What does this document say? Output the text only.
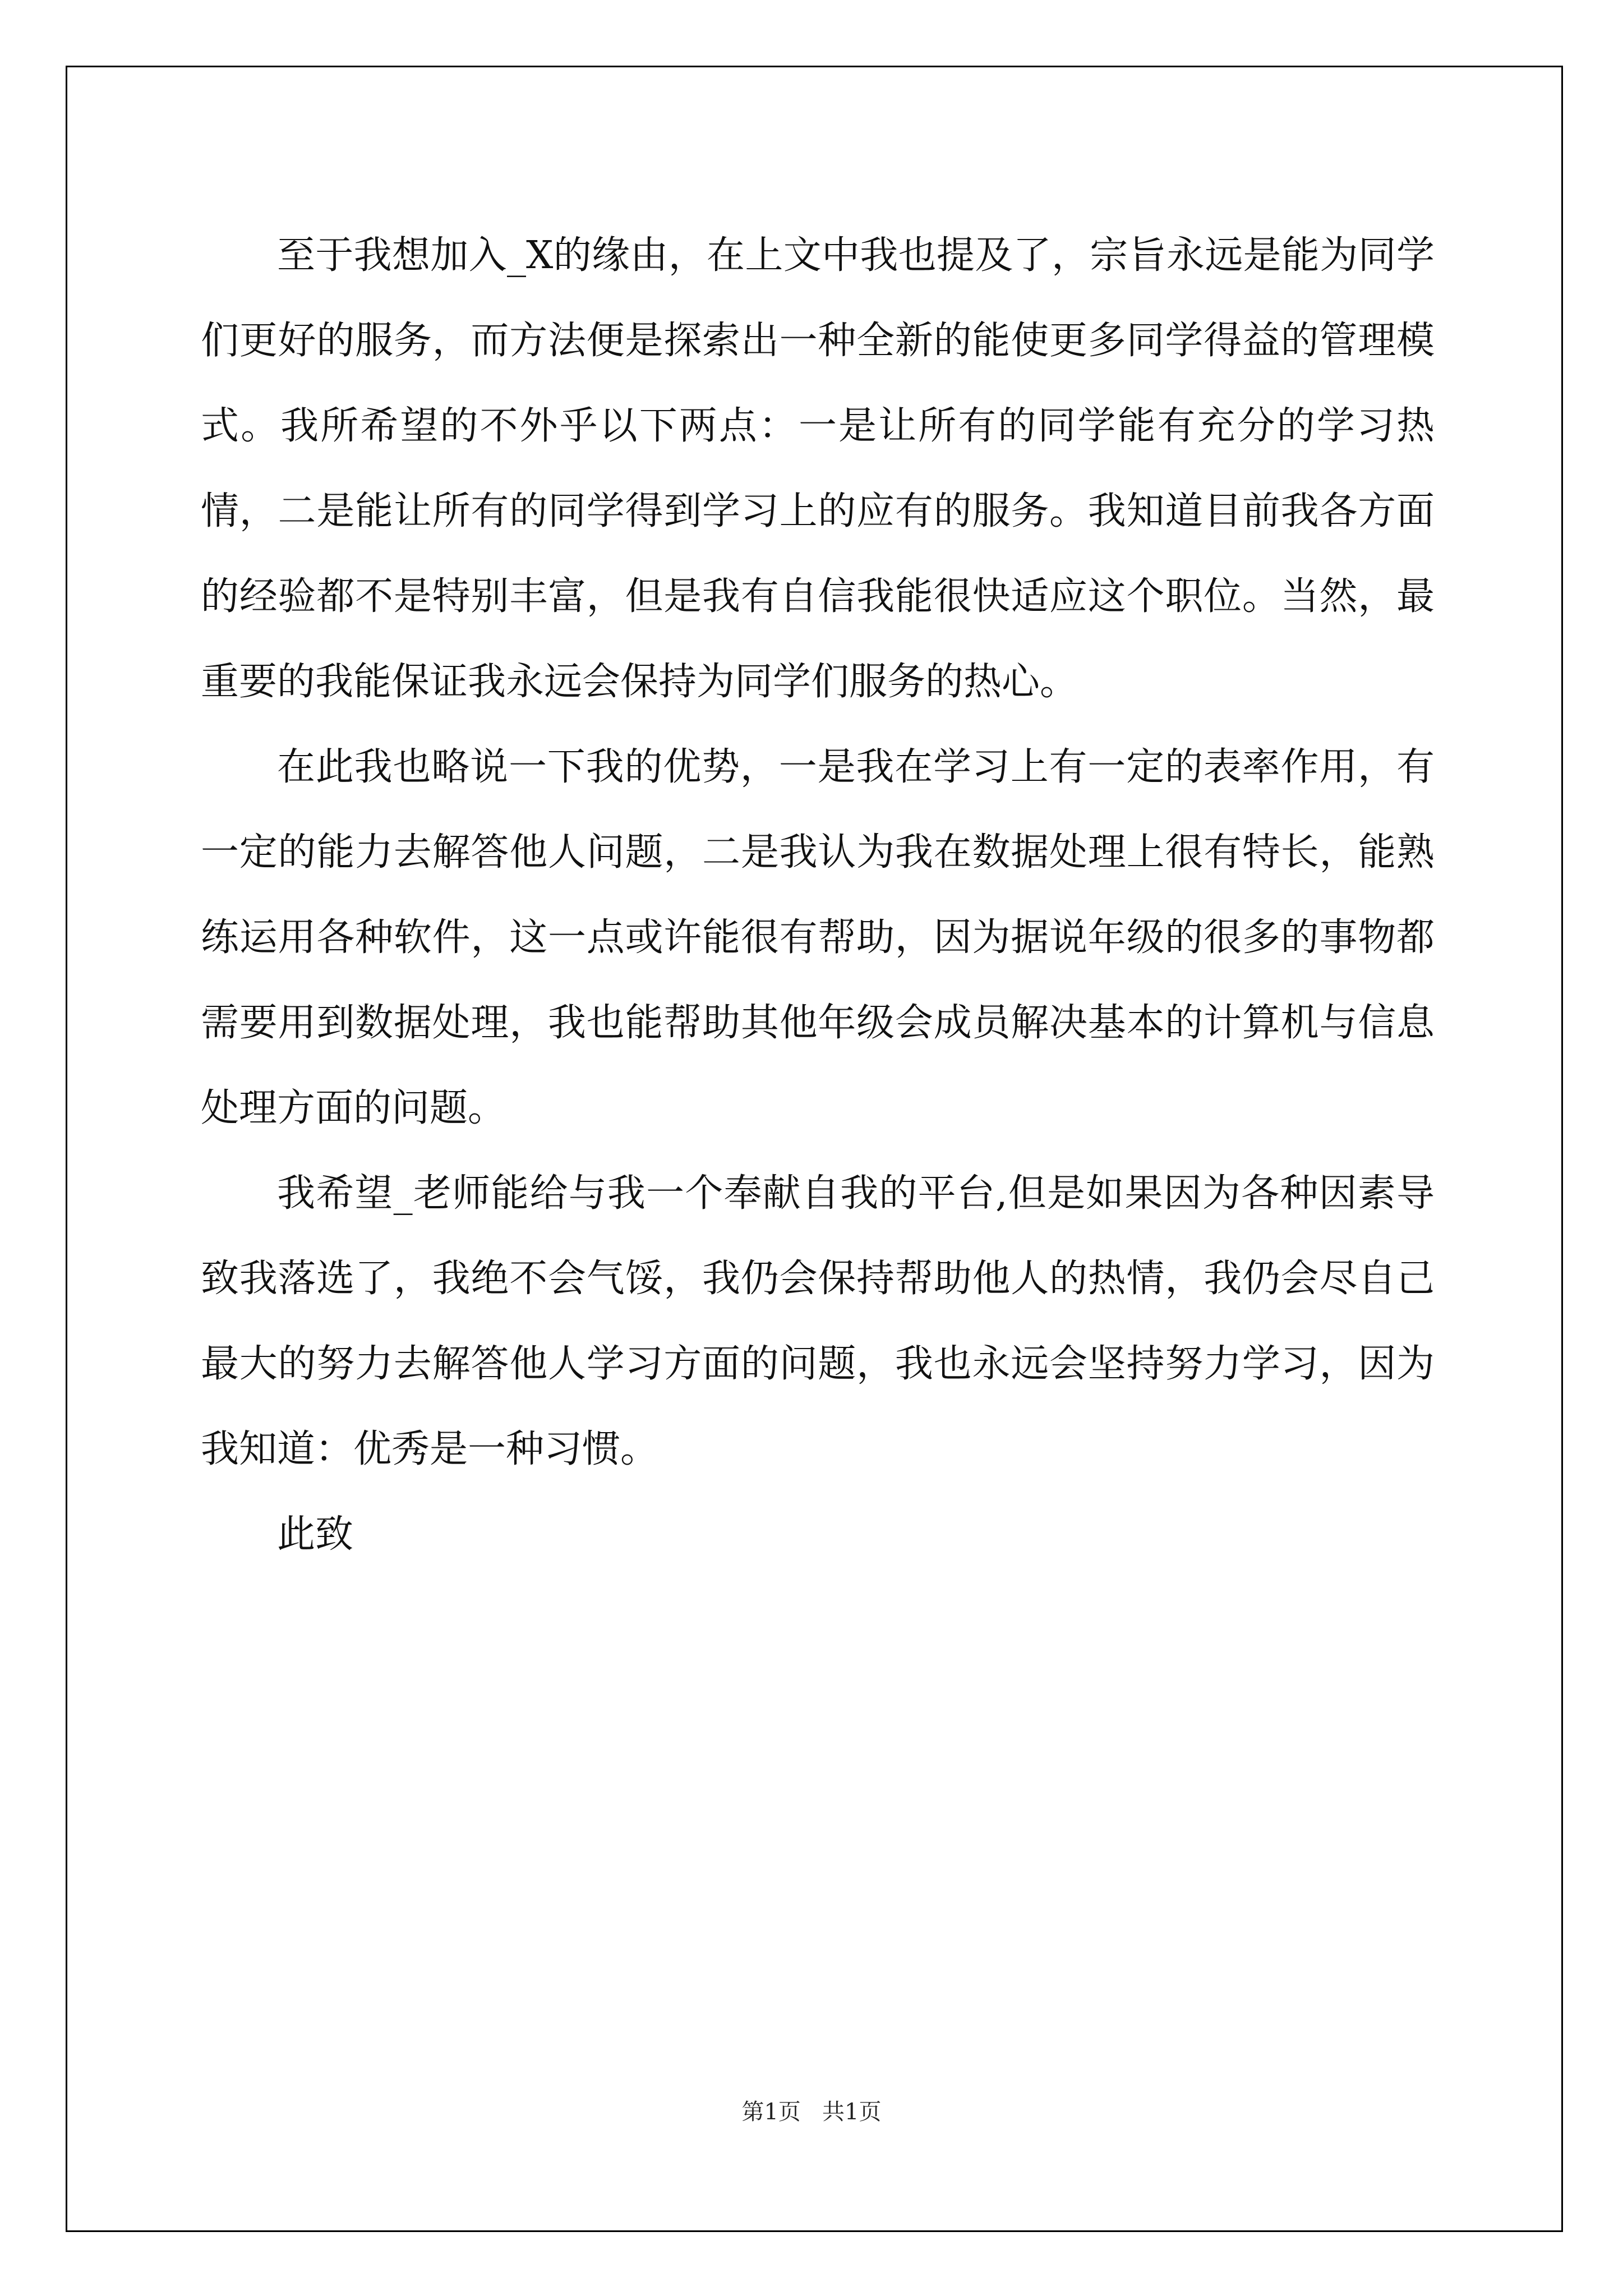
至于我想加入_X的缘由，在上文中我也提及了，宗旨永远是能为同学们更好的服务，而方法便是探索出一种全新的能使更多同学得益的管理模式。我所希望的不外乎以下两点：一是让所有的同学能有充分的学习热情，二是能让所有的同学得到学习上的应有的服务。我知道目前我各方面的经验都不是特别丰富，但是我有自信我能很快适应这个职位。当然，最重要的我能保证我永远会保持为同学们服务的热心。

在此我也略说一下我的优势，一是我在学习上有一定的表率作用，有一定的能力去解答他人问题，二是我认为我在数据处理上很有特长，能熟练运用各种软件，这一点或许能很有帮助，因为据说年级的很多的事物都需要用到数据处理，我也能帮助其他年级会成员解决基本的计算机与信息处理方面的问题。

我希望_老师能给与我一个奉献自我的平台,但是如果因为各种因素导致我落选了，我绝不会气馁，我仍会保持帮助他人的热情，我仍会尽自己最大的努力去解答他人学习方面的问题，我也永远会坚持努力学习，因为我知道：优秀是一种习惯。

此致

第1页   共1页
